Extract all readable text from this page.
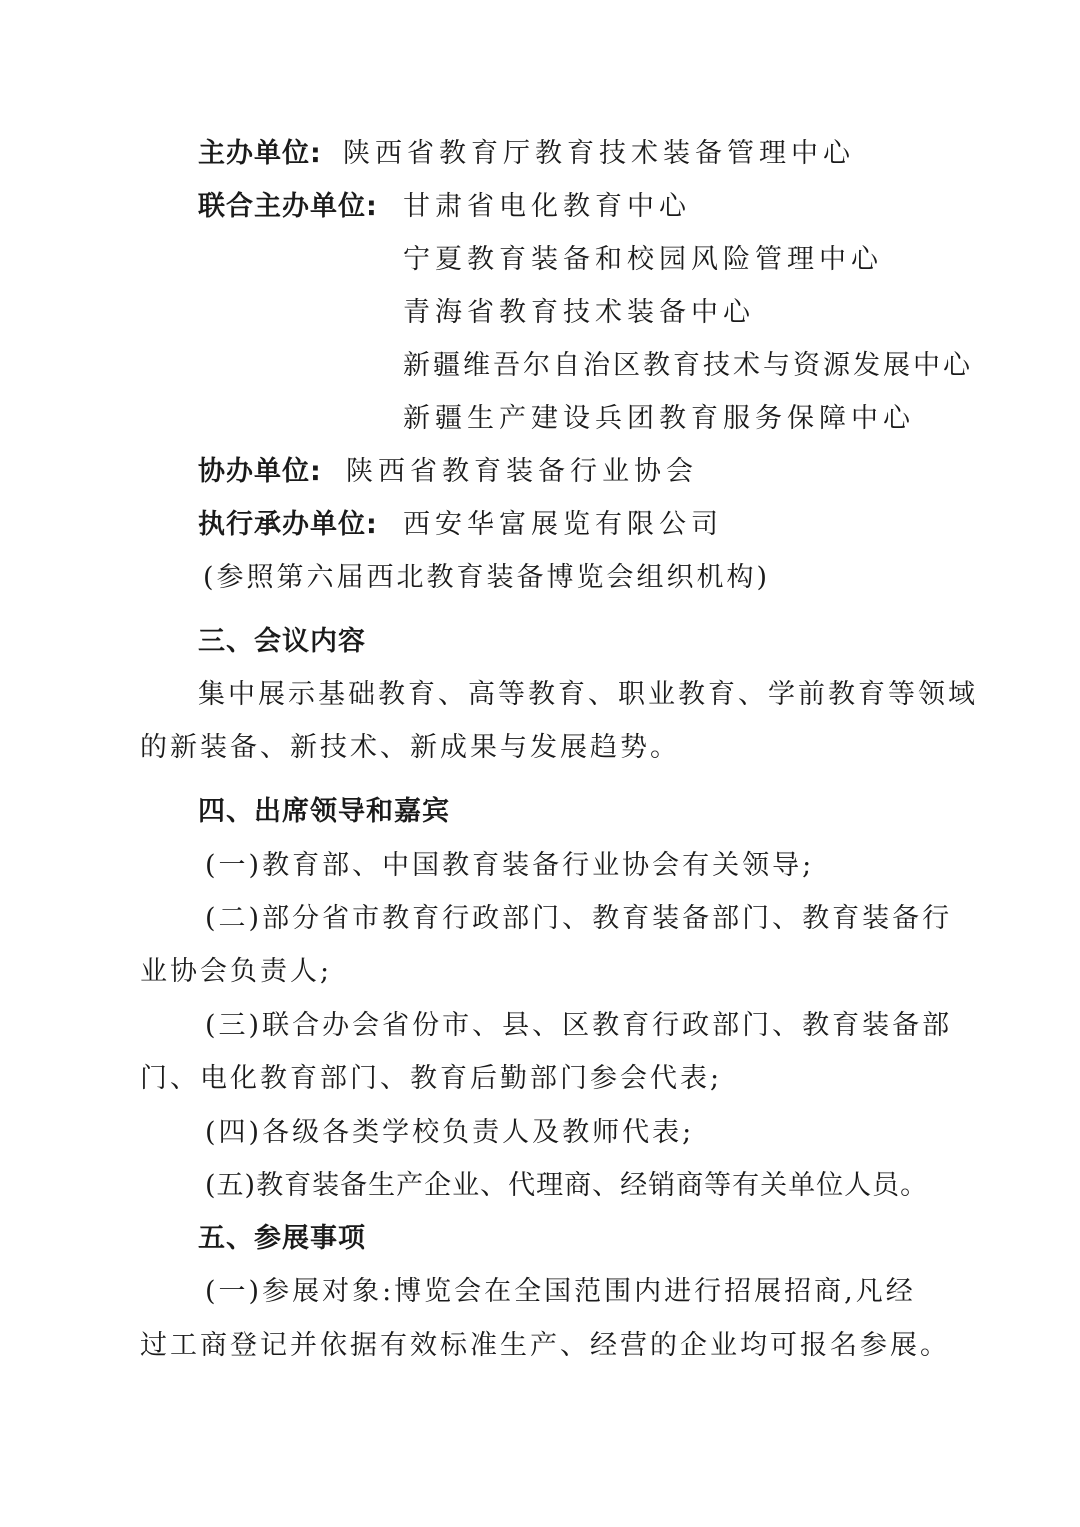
主办单位: 陕西省教育厅教育技术装备管理中心
联合主办单位: 甘肃省电化教育中心
宁夏教育装备和校园风险管理中心
青海省教育技术装备中心
新疆维吾尔自治区教育技术与资源发展中心
新疆生产建设兵团教育服务保障中心
协办单位: 陕西省教育装备行业协会
执行承办单位: 西安华富展览有限公司
(参照第六届西北教育装备博览会组织机构)
三、会议内容
集中展示基础教育、高等教育、职业教育、学前教育等领域
的新装备、新技术、新成果与发展趋势。
四、出席领导和嘉宾
(一)教育部、中国教育装备行业协会有关领导;
(二)部分省市教育行政部门、教育装备部门、教育装备行
业协会负责人;
(三)联合办会省份市、县、区教育行政部门、教育装备部
门、电化教育部门、教育后勤部门参会代表;
(四)各级各类学校负责人及教师代表;
(五)教育装备生产企业、代理商、经销商等有关单位人员。
五、参展事项
(一)参展对象:博览会在全国范围内进行招展招商,凡经
过工商登记并依据有效标准生产、经营的企业均可报名参展。
